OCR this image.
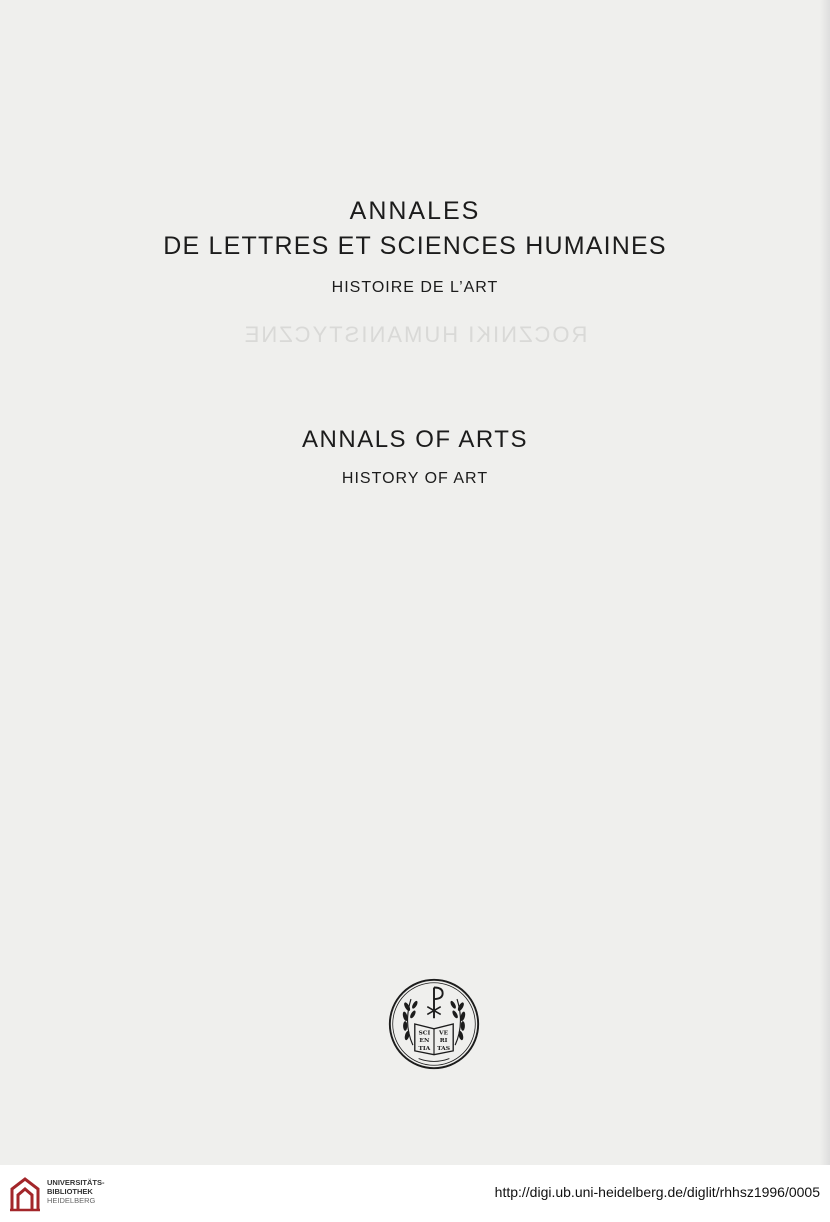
ANNALES
DE LETTRES ET SCIENCES HUMAINES
HISTOIRE DE L’ART
ROCZNIKI HUMANISTYCZNE
ANNALS OF ARTS
HISTORY OF ART
SCI
EN
TIA
VE
RI
TAS
UNIVERSITÄTS-
BIBLIOTHEK
HEIDELBERG
http://digi.ub.uni-heidelberg.de/diglit/rhhsz1996/0005
